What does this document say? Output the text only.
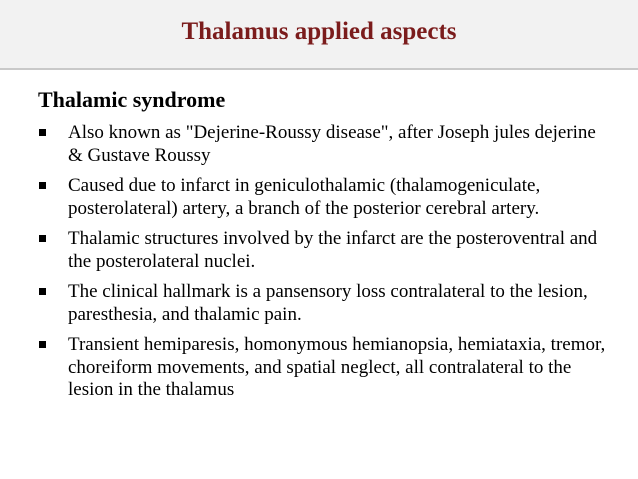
Thalamus applied aspects
Thalamic syndrome
Also known as "Dejerine-Roussy disease", after Joseph jules dejerine & Gustave Roussy
Caused due to infarct in geniculothalamic (thalamogeniculate, posterolateral) artery, a branch of the posterior cerebral artery.
Thalamic structures involved by the infarct are the posteroventral and the posterolateral nuclei.
The clinical hallmark is a pansensory loss contralateral to the lesion, paresthesia, and thalamic pain.
Transient hemiparesis, homonymous hemianopsia, hemiataxia, tremor, choreiform movements, and spatial neglect, all contralateral to the lesion in the thalamus
